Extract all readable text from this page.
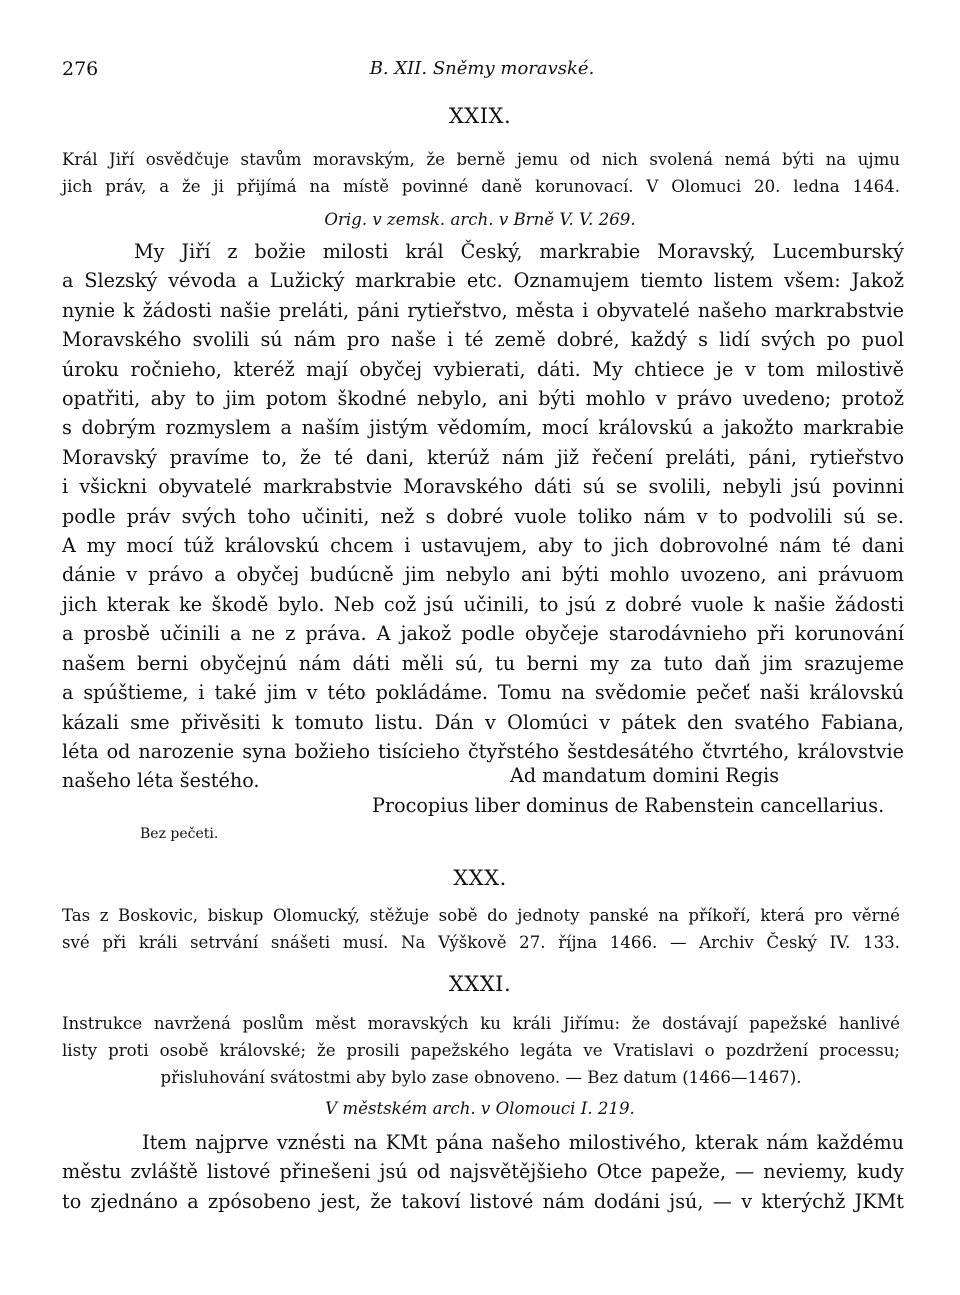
276	B. XII. Sněmy moravské.
XXIX.
Král Jiří osvědčuje stavům moravským, že berně jemu od nich svolená nemá býti na ujmu
jich práv, a že ji přijímá na místě povinné daně korunovací. V Olomuci 20. ledna 1464.
Orig. v zemsk. arch. v Brně V. V. 269.
My Jiří z božie milosti král Český, markrabie Moravský, Lucemburský
a Slezský vévoda a Lužický markrabie etc. Oznamujem tiemto listem všem: Jakož
nynie k žádosti našie preláti, páni rytieřstvo, města i obyvatelé našeho markrabstvie
Moravského svolili sú nám pro naše i té země dobré, každý s lidí svých po puol
úroku ročnieho, kteréž mají obyčej vybierati, dáti. My chtiece je v tom milostivě
opatřiti, aby to jim potom škodné nebylo, ani býti mohlo v právo uvedeno; protož
s dobrým rozmyslem a naším jistým vědomím, mocí královskú a jakožto markrabie
Moravský pravíme to, že té dani, kterúž nám již řečení preláti, páni, rytieřstvo
i všickni obyvatelé markrabstvie Moravského dáti sú se svolili, nebyli jsú povinni
podle práv svých toho učiniti, než s dobré vuole toliko nám v to podvolili sú se.
A my mocí túž královskú chcem i ustavujem, aby to jich dobrovolné nám té dani
dánie v právo a obyčej budúcně jim nebylo ani býti mohlo uvozeno, ani právuom
jich kterak ke škodě bylo. Neb což jsú učinili, to jsú z dobré vuole k našie žádosti
a prosbě učinili a ne z práva. A jakož podle obyčeje starodávnieho při korunování
našem berni obyčejnú nám dáti měli sú, tu berni my za tuto daň jim srazujeme
a spúštieme, i také jim v této pokládáme. Tomu na svědomie pečeť naši královskú
kázali sme přivěsiti k tomuto listu. Dán v Olomúci v pátek den svatého Fabiana,
léta od narozenie syna božieho tisícieho čtyřstého šestdesátého čtvrtého, královstvie
našeho léta šestého.	Ad mandatum domini Regis
Procopius liber dominus de Rabenstein cancellarius.
Bez pečeti.
XXX.
Tas z Boskovic, biskup Olomucký, stěžuje sobě do jednoty panské na příkoří, která pro věrné
své při králi setrvání snášeti musí. Na Výškově 27. října 1466. — Archiv Český IV. 133.
XXXI.
Instrukce navržená poslům měst moravských ku králi Jiřímu: že dostávají papežské hanlivé
listy proti osobě královské; že prosili papežského legáta ve Vratislavi o pozdržení processu;
přisluhování svátostmi aby bylo zase obnoveno. — Bez datum (1466—1467).
V městském arch. v Olomouci I. 219.
Item najprve vznésti na KMt pána našeho milostivého, kterak nám každému
městu zvláště listové přinešeni jsú od najsvětějšieho Otce papeže, — neviemy, kudy
to zjednáno a zpósobeno jest, že takoví listové nám dodáni jsú, — v kterýchž JKMt
